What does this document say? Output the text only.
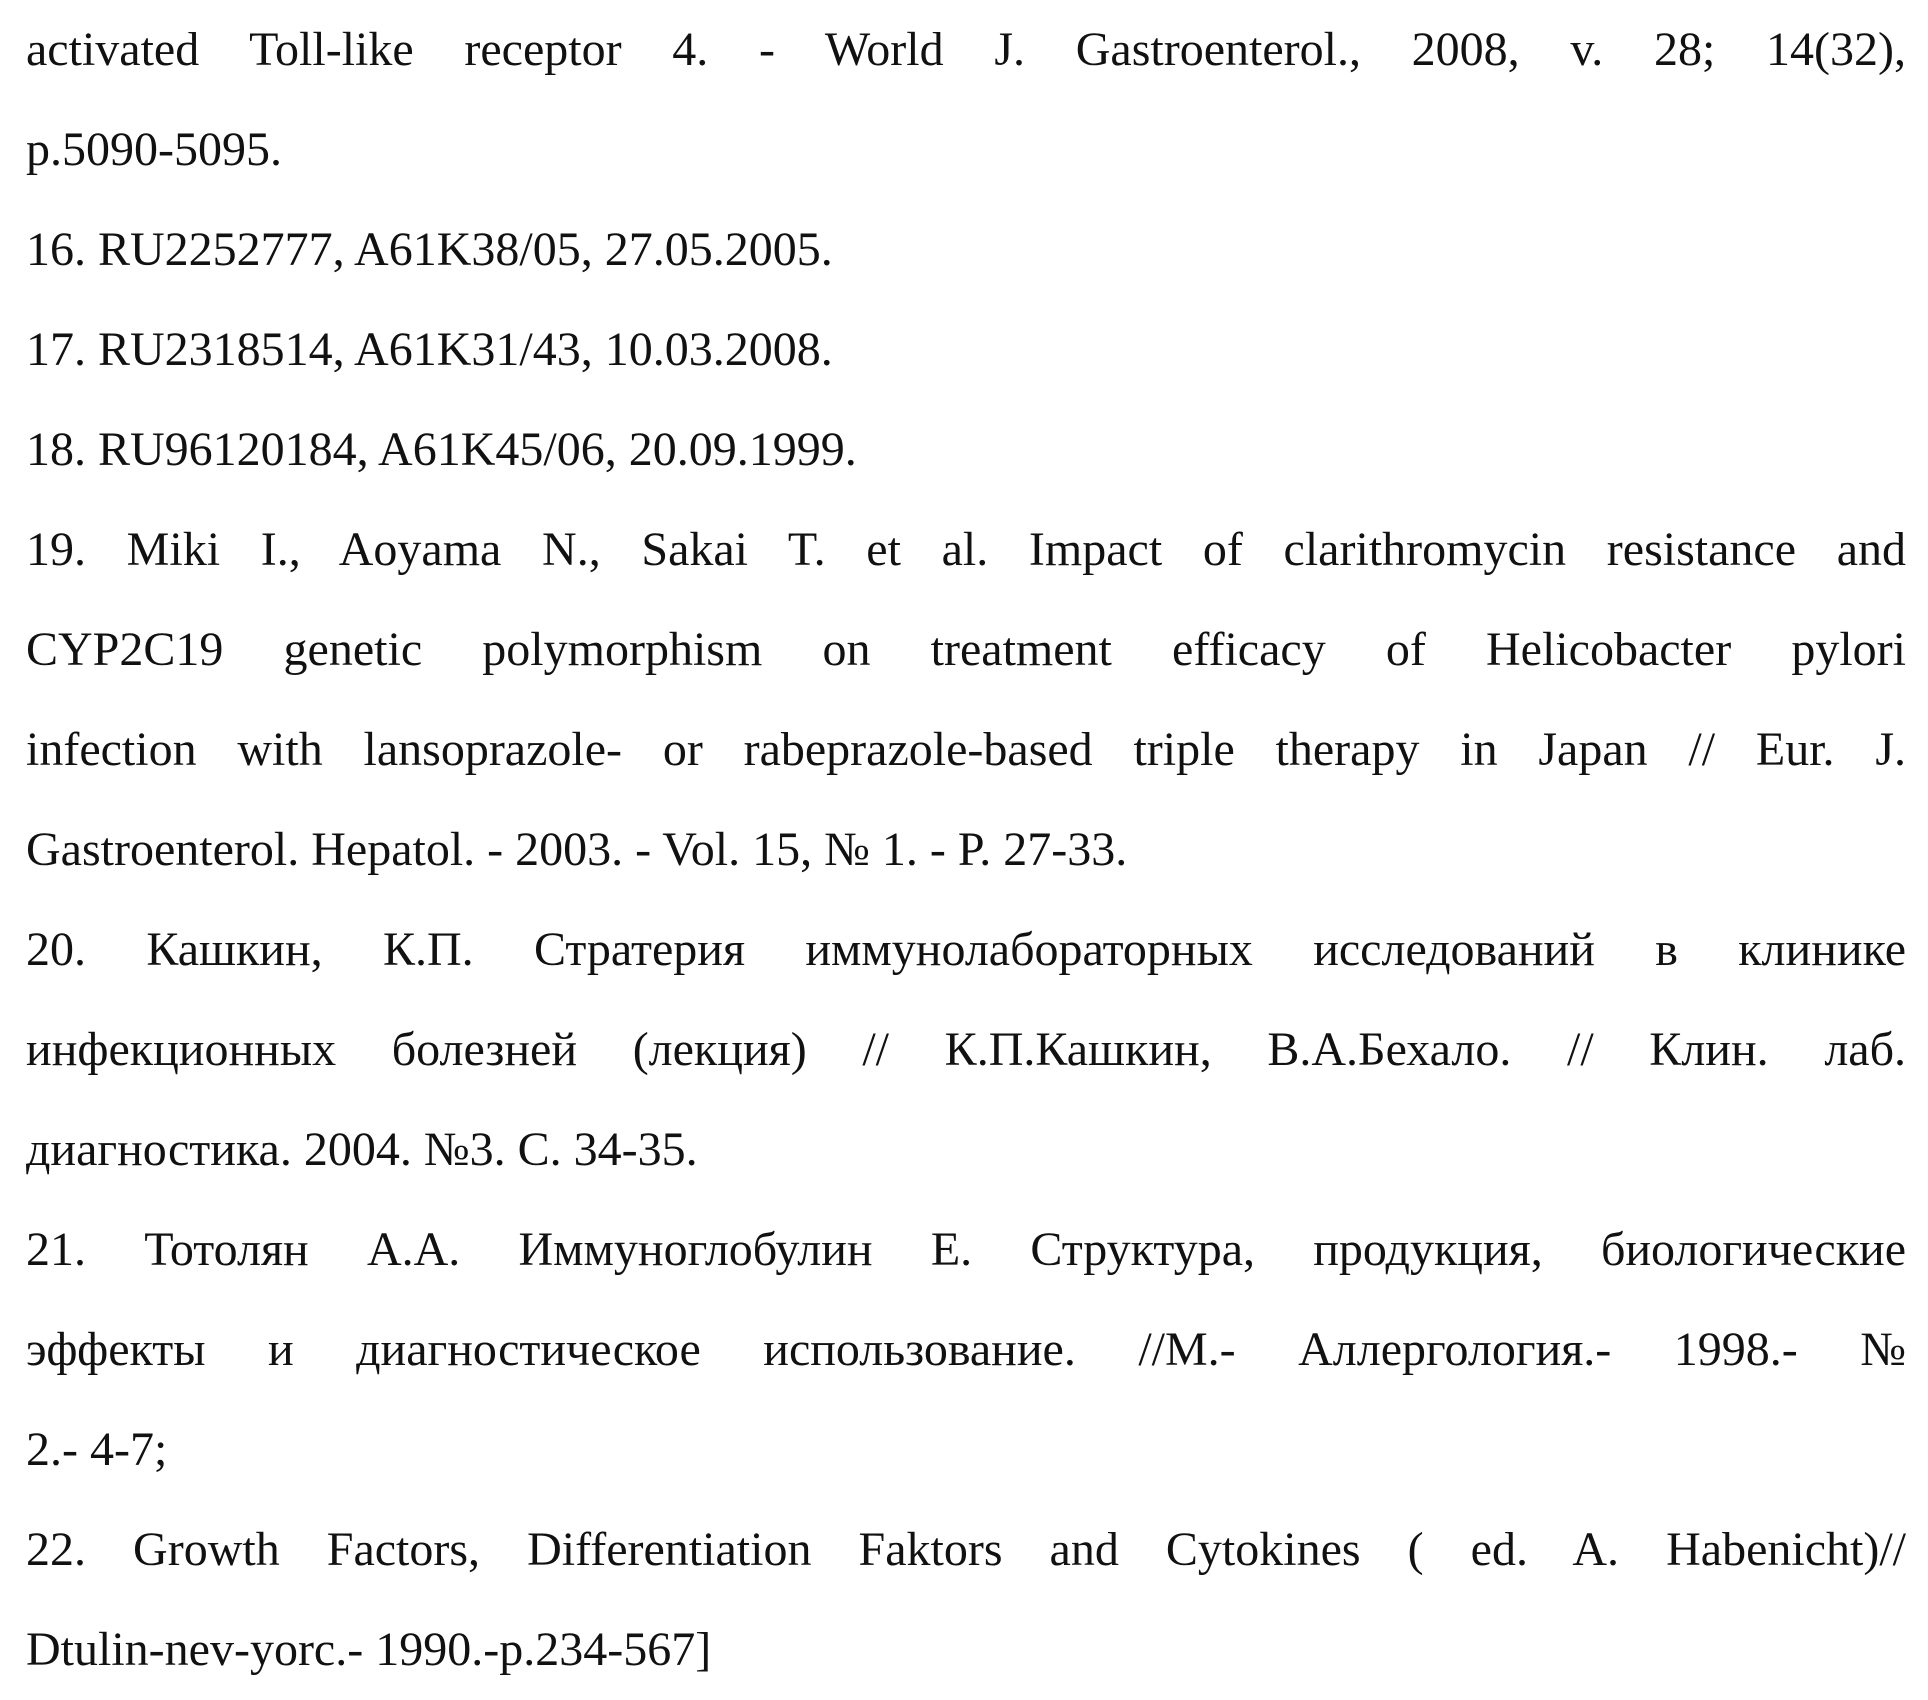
activated Toll-like receptor 4. - World J. Gastroenterol., 2008, v. 28; 14(32),
p.5090-5095.
16. RU2252777, A61K38/05, 27.05.2005.
17. RU2318514, A61K31/43, 10.03.2008.
18. RU96120184, A61K45/06, 20.09.1999.
19. Miki I., Aoyama N., Sakai T. et al. Impact of clarithromycin resistance and
CYP2C19 genetic polymorphism on treatment efficacy of Helicobacter pylori
infection with lansoprazole- or rabeprazole-based triple therapy in Japan // Eur. J.
Gastroenterol. Hepatol. - 2003. - Vol. 15, № 1. - P. 27-33.
20. Кашкин, К.П. Стратерия иммунолабораторных исследований в клинике
инфекционных болезней (лекция) // К.П.Кашкин, В.А.Бехало. // Клин. лаб.
диагностика. 2004. №3. С. 34-35.
21. Тотолян А.А. Иммуноглобулин Е. Структура, продукция, биологические
эффекты и диагностическое использование. //М.- Аллергология.- 1998.- №
2.- 4-7;
22. Growth Factors, Differentiation Faktors and Cytokines ( ed. A. Habenicht)//
Dtulin-nev-yorc.- 1990.-p.234-567]
